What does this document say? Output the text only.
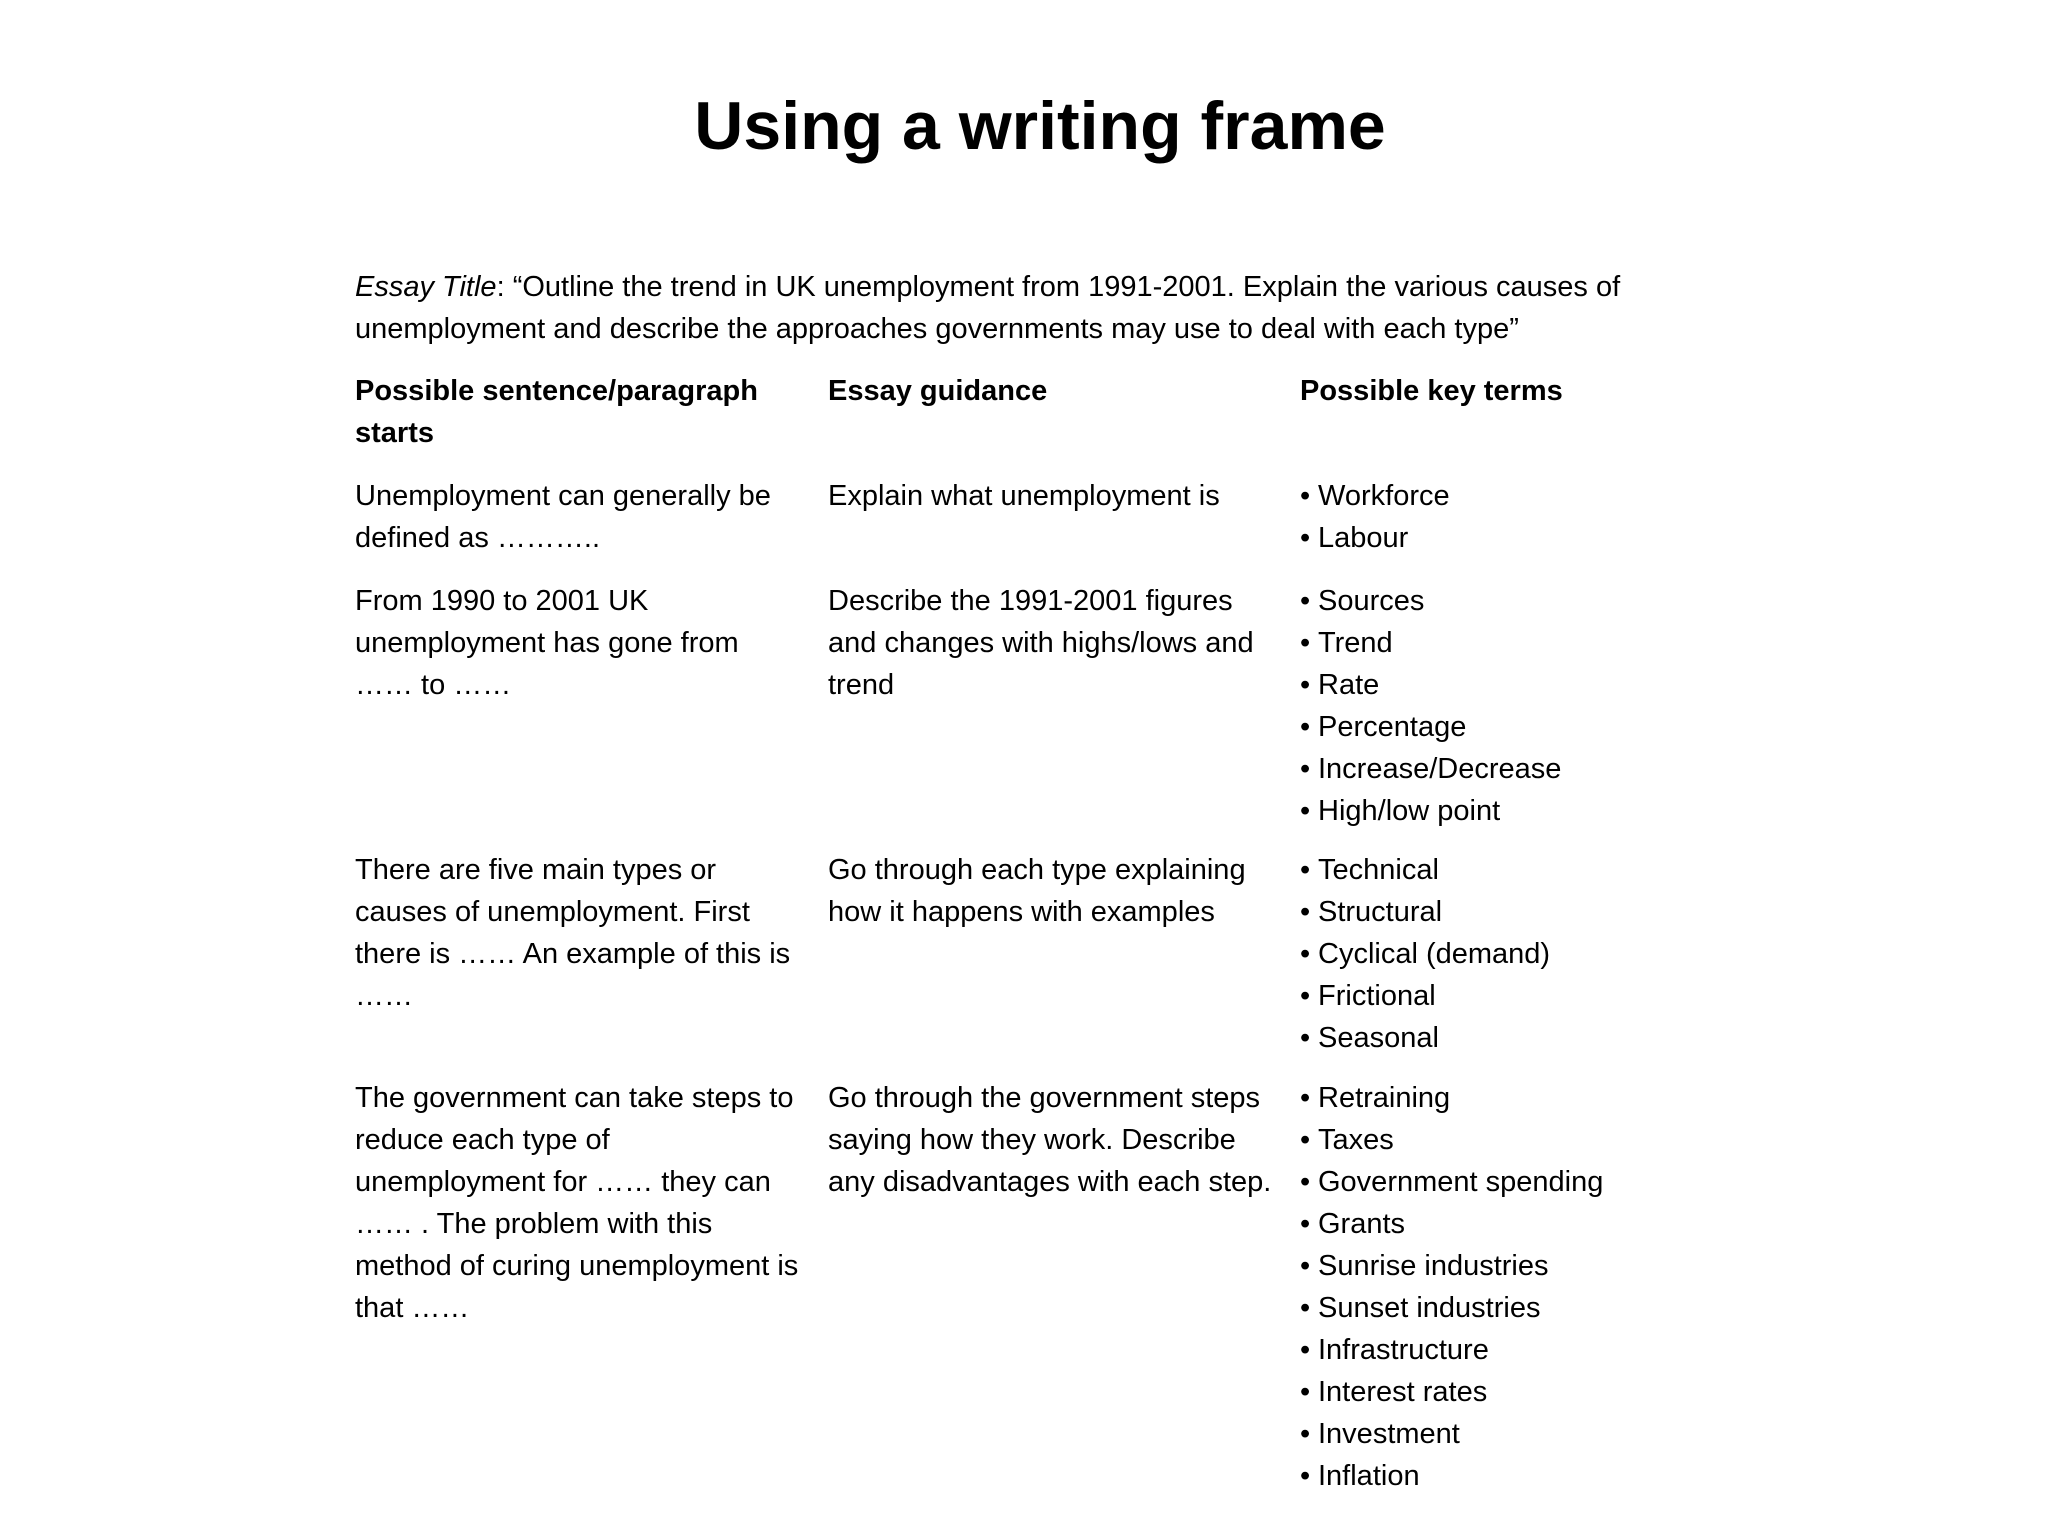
Using a writing frame

Essay Title: “Outline the trend in UK unemployment from 1991-2001. Explain the various causes of unemployment and describe the approaches governments may use to deal with each type”

Possible sentence/paragraph starts
Essay guidance	Possible key terms
Unemployment can generally be defined as ………..
Explain what unemployment is	• Workforce
• Labour
From 1990 to 2001 UK unemployment has gone from …… to ……
Describe the 1991-2001 figures and changes with highs/lows and trend
• Sources
• Trend
• Rate
• Percentage
• Increase/Decrease
• High/low point
There are five main types or causes of unemployment. First there is …… An example of this is ……
Go through each type explaining how it happens with examples
• Technical
• Structural
• Cyclical (demand)
• Frictional
• Seasonal
The government can take steps to reduce each type of unemployment for …… they can …… . The problem with this method of curing unemployment is that ……
Go through the government steps saying how they work. Describe any disadvantages with each step.
• Retraining
• Taxes
• Government spending
• Grants
• Sunrise industries
• Sunset industries
• Infrastructure
• Interest rates
• Investment
• Inflation
